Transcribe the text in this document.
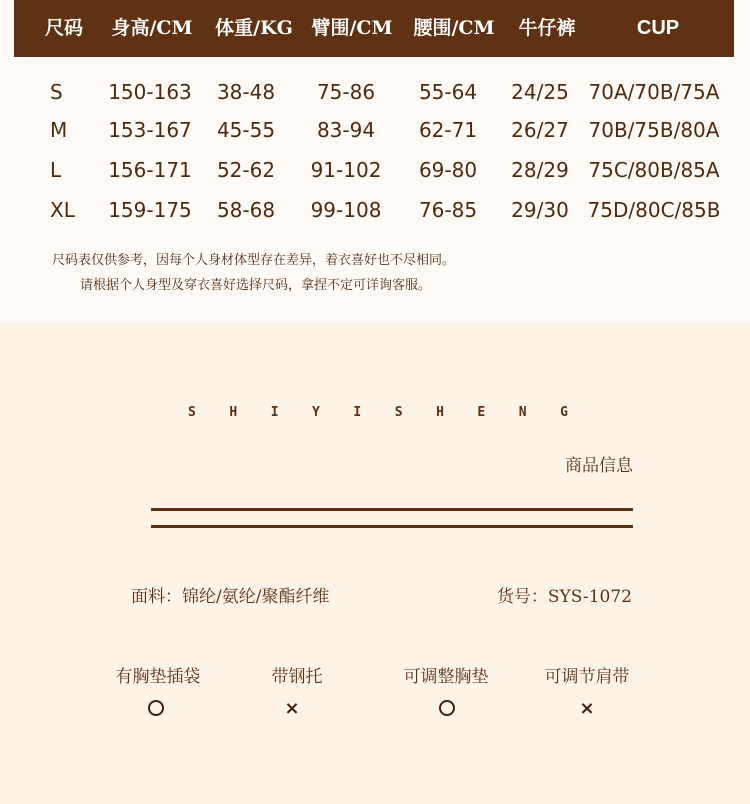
尺码	身高/CM	体重/KG 臂围/CM	腰围/CM	牛仔裤	CUP
S	150-163	38-48	75-86	55-64	24/25 70A/70B/75A
M	153-167	45-55	83-94	62-71	26/27 70B/75B/80A
L	156-171	52-62	91-102	69-80	28/29 75C/80B/85A
XL	159-175	58-68	99-108	76-85	29/30 75D/80C/85B
尺码表仅供参考，因每个人身材体型存在差异，着衣喜好也不尽相同。
请根据个人身型及穿衣喜好选择尺码，拿捏不定可详询客服。
S	H	I	Y	I	S	H	E	N	G
商品信息
面料：锦纶/氨纶/聚酯纤维	货号：SYS-1072
有胸垫插袋	带钢托	可调整胸垫	可调节肩带
×	×
